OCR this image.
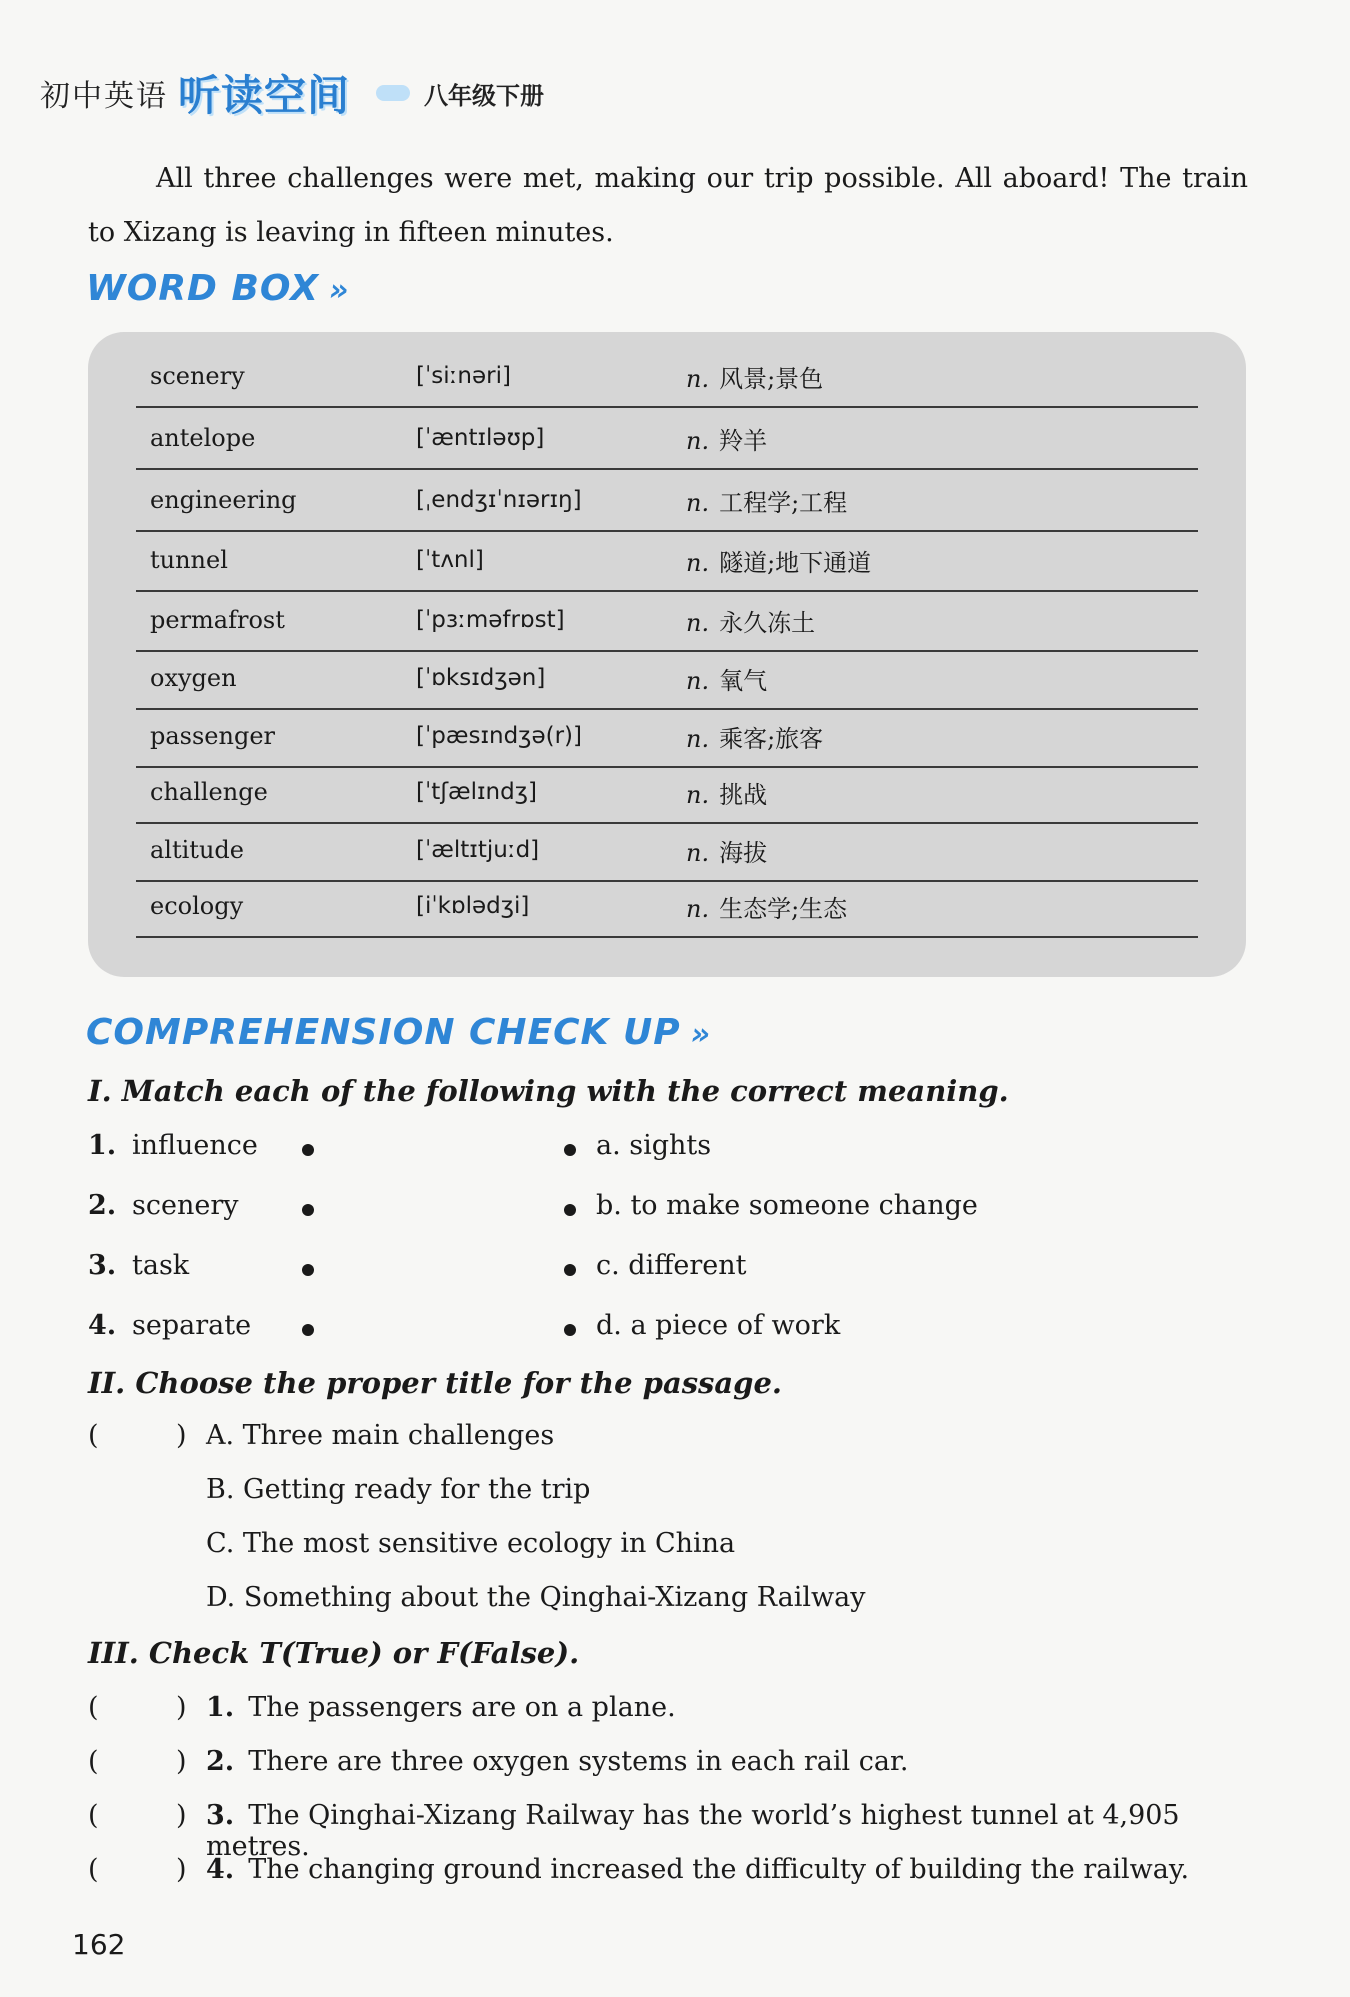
初中英语 听读空间	八年级下册
All three challenges were met, making our trip possible. All aboard! The train to Xizang is leaving in fifteen minutes.
WORD BOX »
scenery	[ˈsiːnəri]	n. 风景;景色
antelope	[ˈæntɪləʊp]	n. 羚羊
engineering	[ˌendʒɪˈnɪərɪŋ]	n. 工程学;工程
tunnel	[ˈtʌnl]	n. 隧道;地下通道
permafrost	[ˈpɜːməfrɒst]	n. 永久冻土
oxygen	[ˈɒksɪdʒən]	n. 氧气
passenger	[ˈpæsɪndʒə(r)]	n. 乘客;旅客
challenge	[ˈtʃælɪndʒ]	n. 挑战
altitude	[ˈæltɪtjuːd]	n. 海拔
ecology	[iˈkɒlədʒi]	n. 生态学;生态
COMPREHENSION CHECK UP »
I. Match each of the following with the correct meaning.
1. influence	a. sights
2. scenery	b. to make someone change
3. task	c. different
4. separate	d. a piece of work
II. Choose the proper title for the passage.
(	) A. Three main challenges
B. Getting ready for the trip
C. The most sensitive ecology in China
D. Something about the Qinghai-Xizang Railway
III. Check T(True) or F(False).
(	) 1. The passengers are on a plane.
(	) 2. There are three oxygen systems in each rail car.
(	) 3. The Qinghai-Xizang Railway has the world’s highest tunnel at 4,905 metres.
(	) 4. The changing ground increased the difficulty of building the railway.
162
